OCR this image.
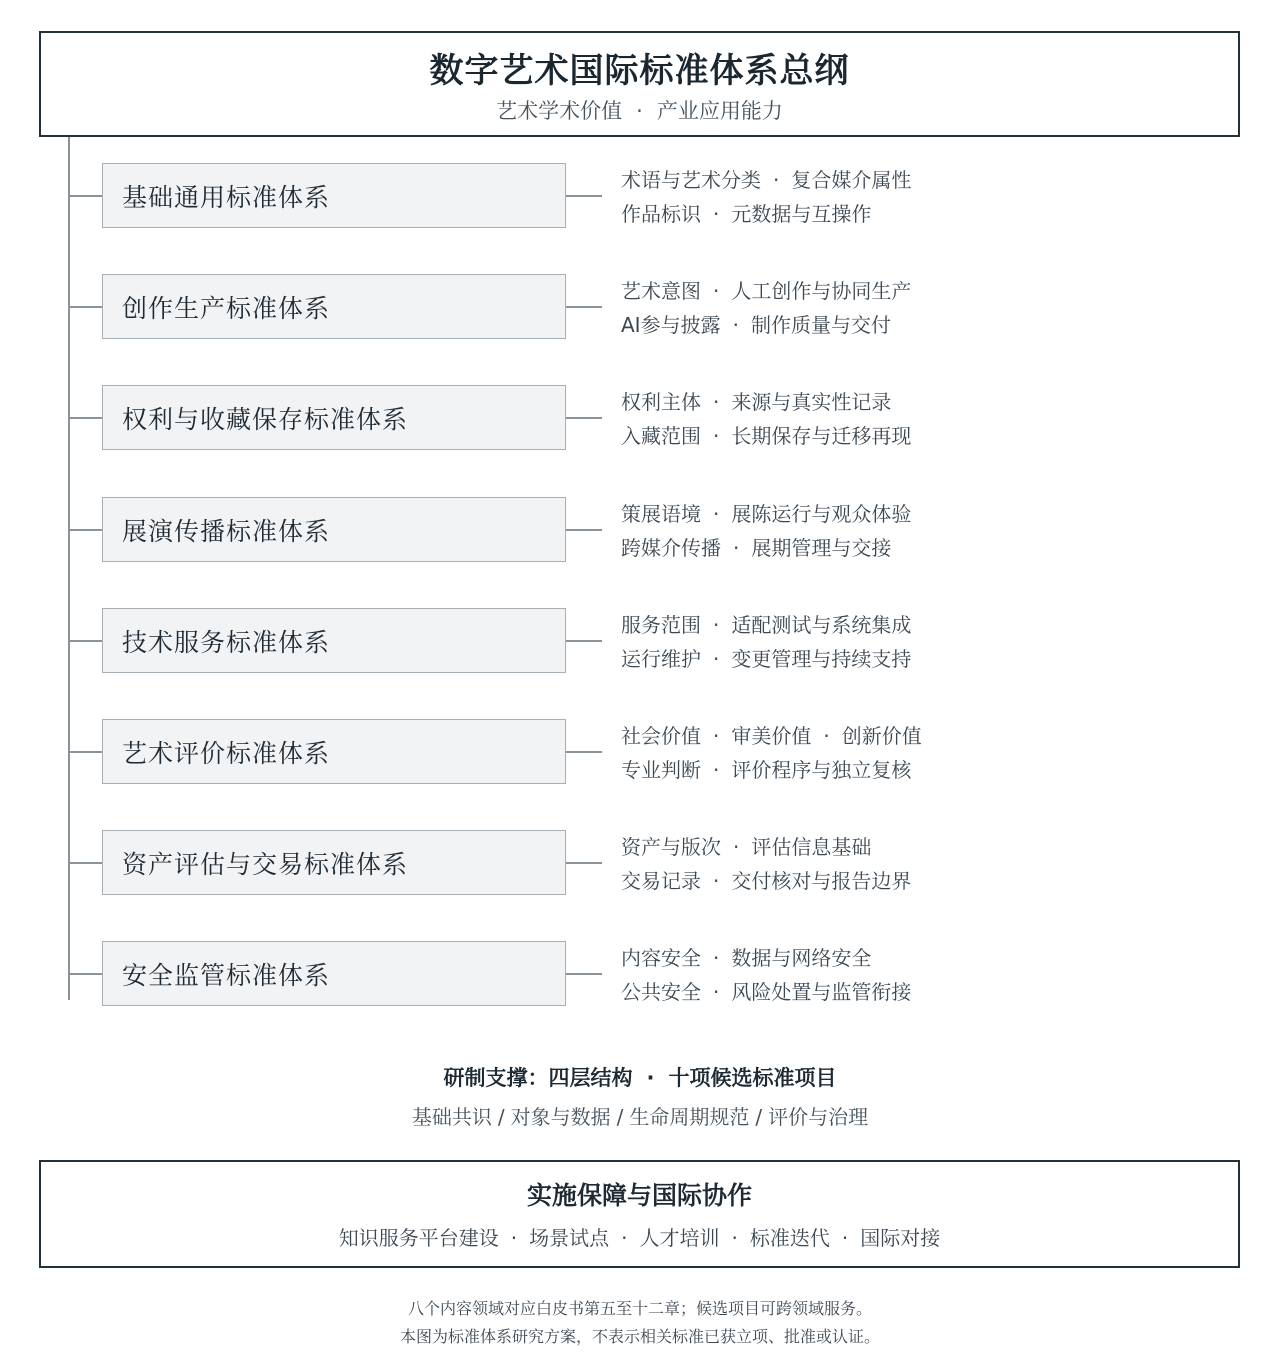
数字艺术国际标准体系总纲
艺术学术价值 · 产业应用能力
基础通用标准体系
术语与艺术分类 · 复合媒介属性
作品标识 · 元数据与互操作
创作生产标准体系
艺术意图 · 人工创作与协同生产
AI参与披露 · 制作质量与交付
权利与收藏保存标准体系
权利主体 · 来源与真实性记录
入藏范围 · 长期保存与迁移再现
展演传播标准体系
策展语境 · 展陈运行与观众体验
跨媒介传播 · 展期管理与交接
技术服务标准体系
服务范围 · 适配测试与系统集成
运行维护 · 变更管理与持续支持
艺术评价标准体系
社会价值 · 审美价值 · 创新价值
专业判断 · 评价程序与独立复核
资产评估与交易标准体系
资产与版次 · 评估信息基础
交易记录 · 交付核对与报告边界
安全监管标准体系
内容安全 · 数据与网络安全
公共安全 · 风险处置与监管衔接
研制支撑：四层结构 · 十项候选标准项目
基础共识 / 对象与数据 / 生命周期规范 / 评价与治理
实施保障与国际协作
知识服务平台建设 · 场景试点 · 人才培训 · 标准迭代 · 国际对接
八个内容领域对应白皮书第五至十二章；候选项目可跨领域服务。
本图为标准体系研究方案，不表示相关标准已获立项、批准或认证。
